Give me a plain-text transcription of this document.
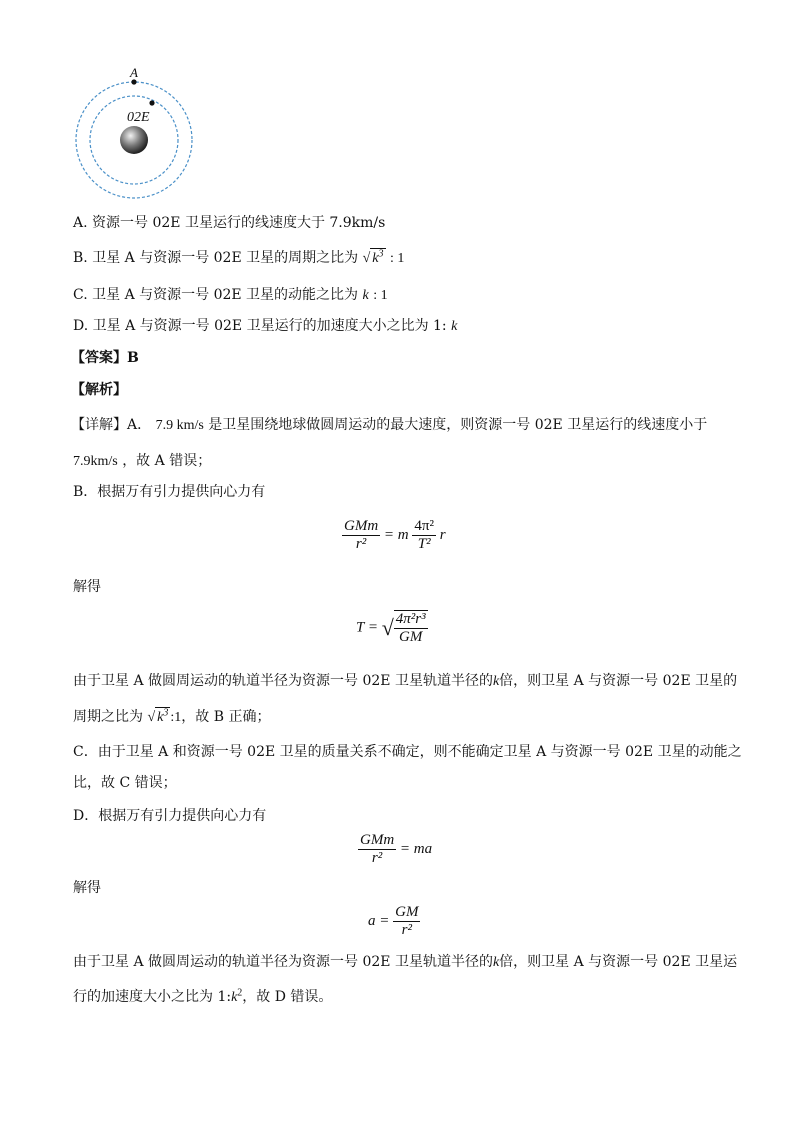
A
02E
A. 资源一号 02E 卫星运行的线速度大于 7.9km/s
B. 卫星 A 与资源一号 02E 卫星的周期之比为 √ $k^3$ : 1
C. 卫星 A 与资源一号 02E 卫星的动能之比为 k : 1
D. 卫星 A 与资源一号 02E 卫星运行的加速度大小之比为 1: k
【答案】B
【解析】
【详解】A． 7.9 km/s 是卫星围绕地球做圆周运动的最大速度，则资源一号 02E 卫星运行的线速度小于
7.9km/s ，故 A 错误；
B．根据万有引力提供向心力有
$\frac{\text{GMm}}{\text{r²}} = m \frac{\text{4π²}}{\text{T²}}$ r
解得
T = √ $\frac{\text{4π²r³}}{GM}$
由于卫星 A 做圆周运动的轨道半径为资源一号 02E 卫星轨道半径的k倍，则卫星 A 与资源一号 02E 卫星的
周期之比为 √ $k^3$ :1，故 B 正确；
C．由于卫星 A 和资源一号 02E 卫星的质量关系不确定，则不能确定卫星 A 与资源一号 02E 卫星的动能之
比，故 C 错误；
D．根据万有引力提供向心力有
$\frac{\text{GMm}}{\text{r²}}$ = ma
解得
$a = \frac{GM}{\text{r²}}$
由于卫星 A 做圆周运动的轨道半径为资源一号 02E 卫星轨道半径的k倍，则卫星 A 与资源一号 02E 卫星运
行的加速度大小之比为 $1:k^2$，故 D 错误。
